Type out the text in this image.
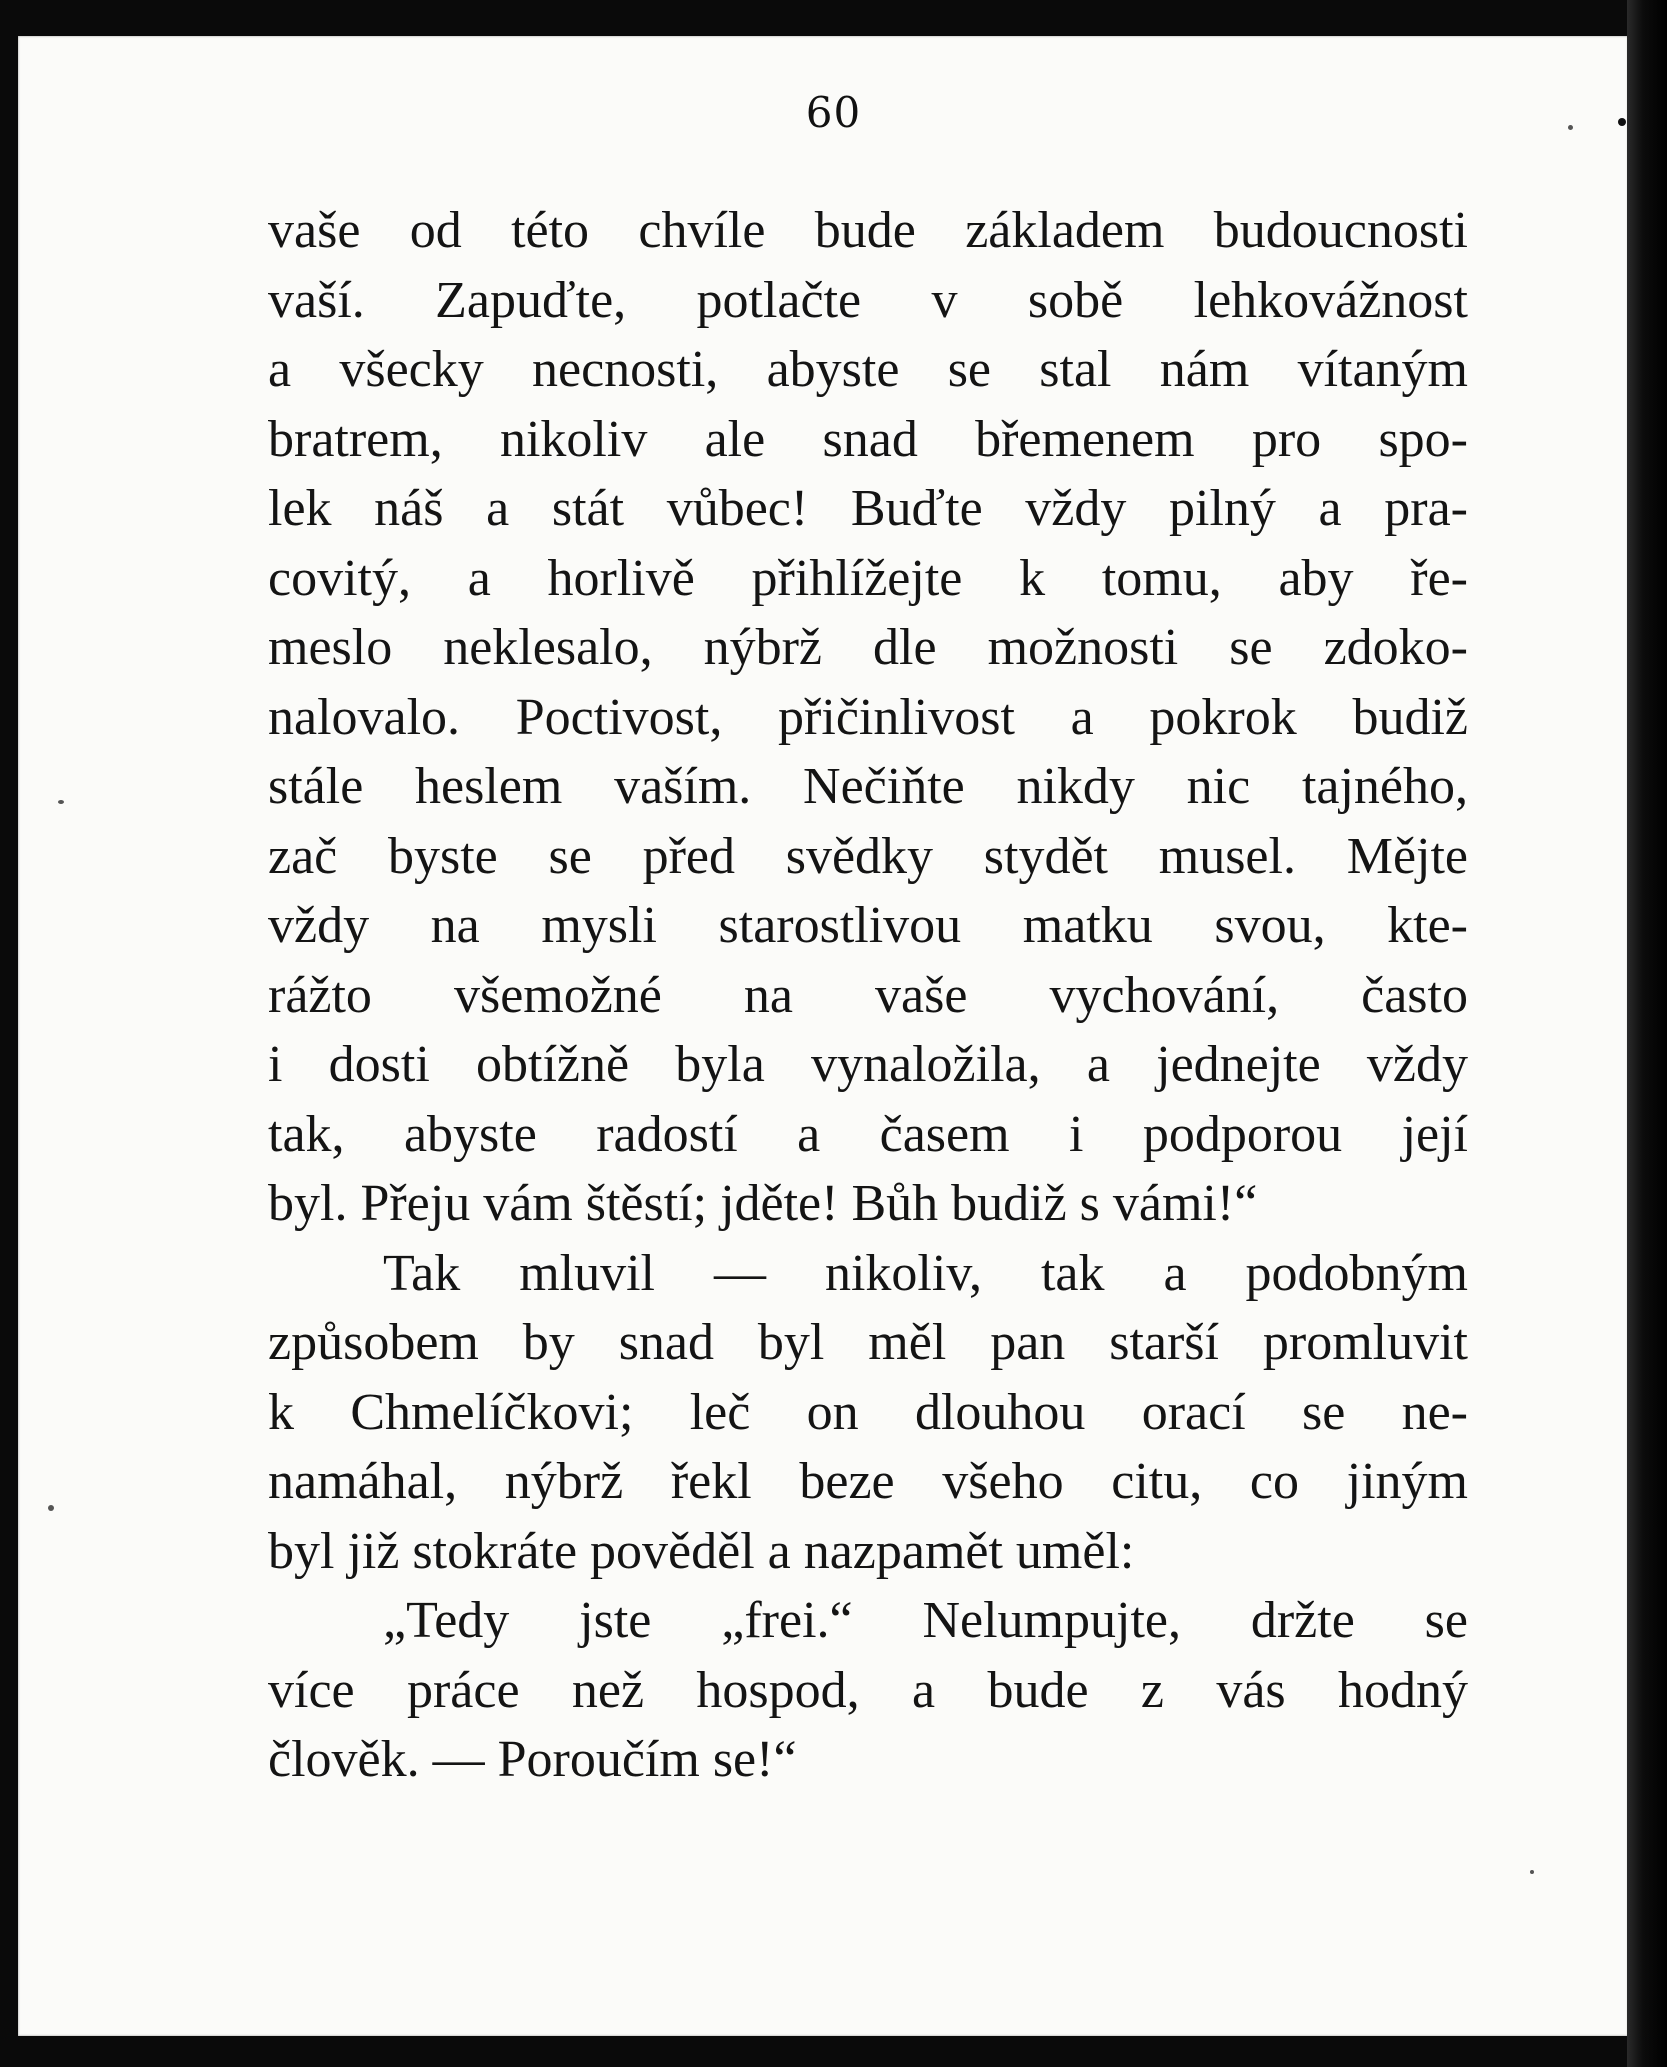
60
vaše od této chvíle bude základem budoucnosti
vaší. Zapuďte, potlačte v sobě lehkovážnost
a všecky necnosti, abyste se stal nám vítaným
bratrem, nikoliv ale snad břemenem pro spo-
lek náš a stát vůbec! Buďte vždy pilný a pra-
covitý, a horlivě přihlížejte k tomu, aby ře-
meslo neklesalo, nýbrž dle možnosti se zdoko-
nalovalo. Poctivost, přičinlivost a pokrok budiž
stále heslem vaším. Nečiňte nikdy nic tajného,
zač byste se před svědky stydět musel. Mějte
vždy na mysli starostlivou matku svou, kte-
rážto všemožné na vaše vychování, často
i dosti obtížně byla vynaložila, a jednejte vždy
tak, abyste radostí a časem i podporou její
byl. Přeju vám štěstí; jděte! Bůh budiž s vámi!“
Tak mluvil — nikoliv, tak a podobným
způsobem by snad byl měl pan starší promluvit
k Chmelíčkovi; leč on dlouhou orací se ne-
namáhal, nýbrž řekl beze všeho citu, co jiným
byl již stokráte pověděl a nazpamět uměl:
„Tedy jste „frei.“ Nelumpujte, držte se
více práce než hospod, a bude z vás hodný
člověk. — Poroučím se!“
